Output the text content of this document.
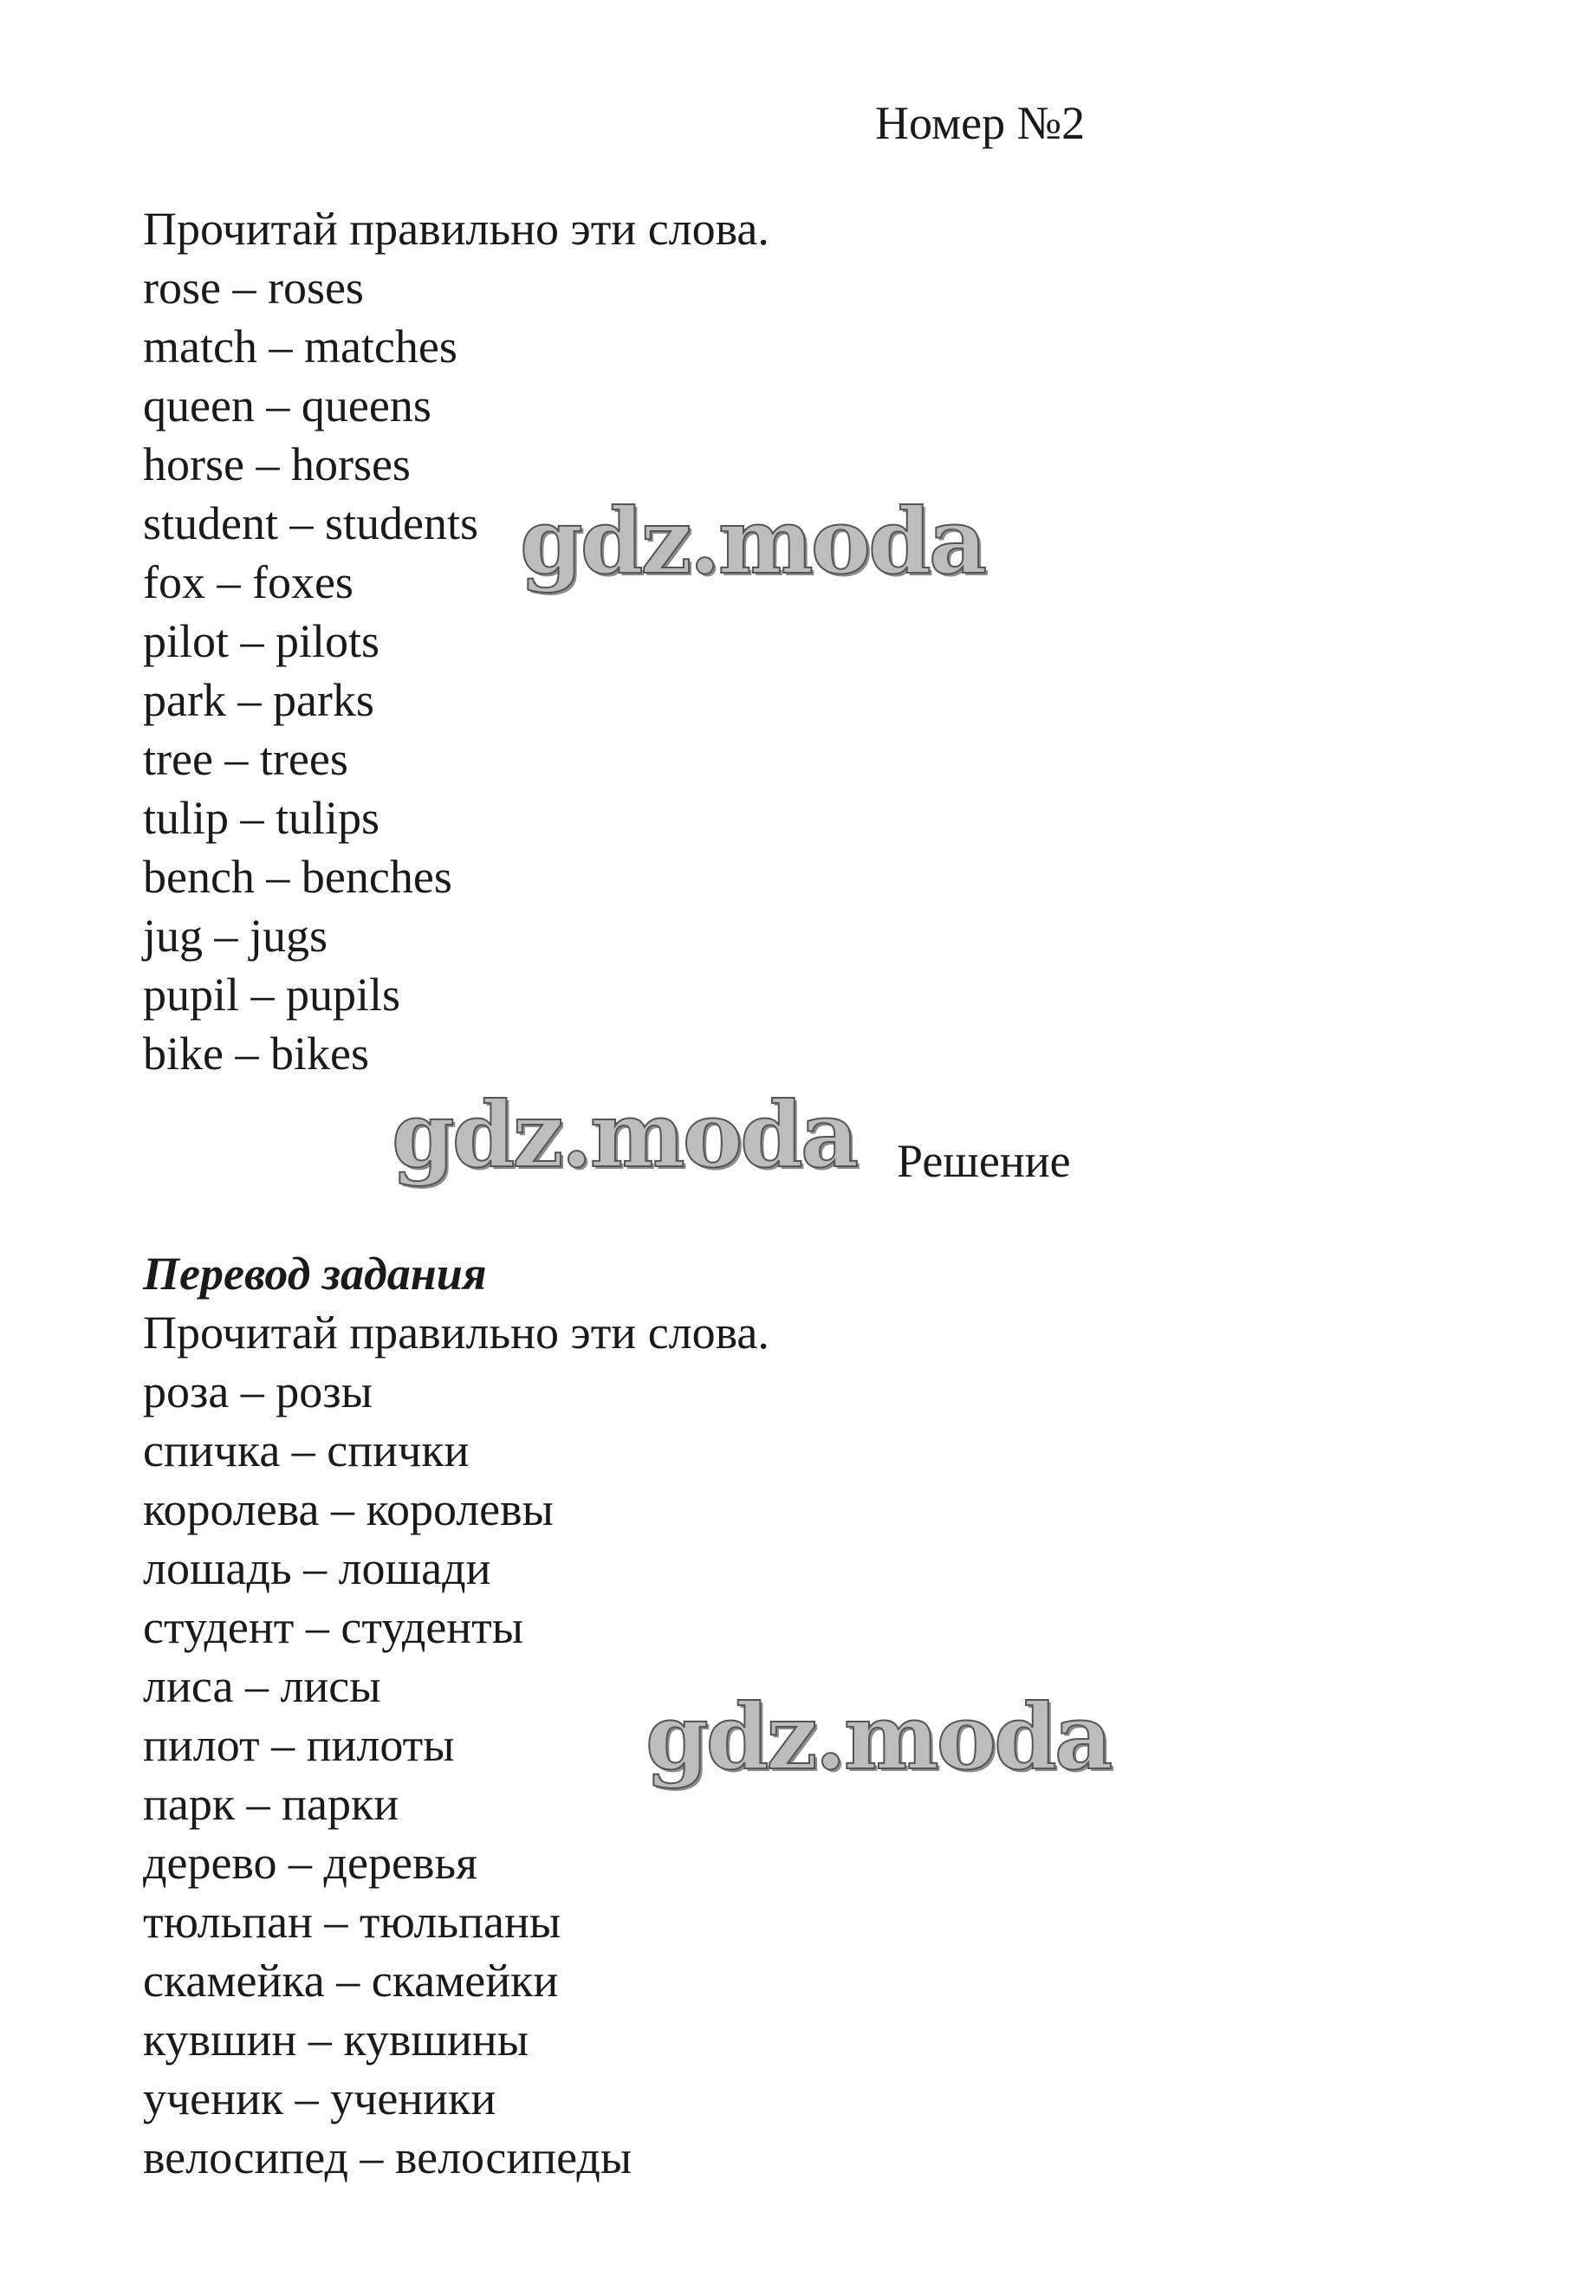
Номер №2
Прочитай правильно эти слова.
rose – roses
match – matches
queen – queens
horse – horses
student – students
fox – foxes
pilot – pilots
park – parks
tree – trees
tulip – tulips
bench – benches
jug – jugs
pupil – pupils
bike – bikes
Решение
Перевод задания
Прочитай правильно эти слова.
роза – розы
спичка – спички
королева – королевы
лошадь – лошади
студент – студенты
лиса – лисы
пилот – пилоты
парк – парки
дерево – деревья
тюльпан – тюльпаны
скамейка – скамейки
кувшин – кувшины
ученик – ученики
велосипед – велосипеды
gdz.moda
gdz.moda
gdz.moda
